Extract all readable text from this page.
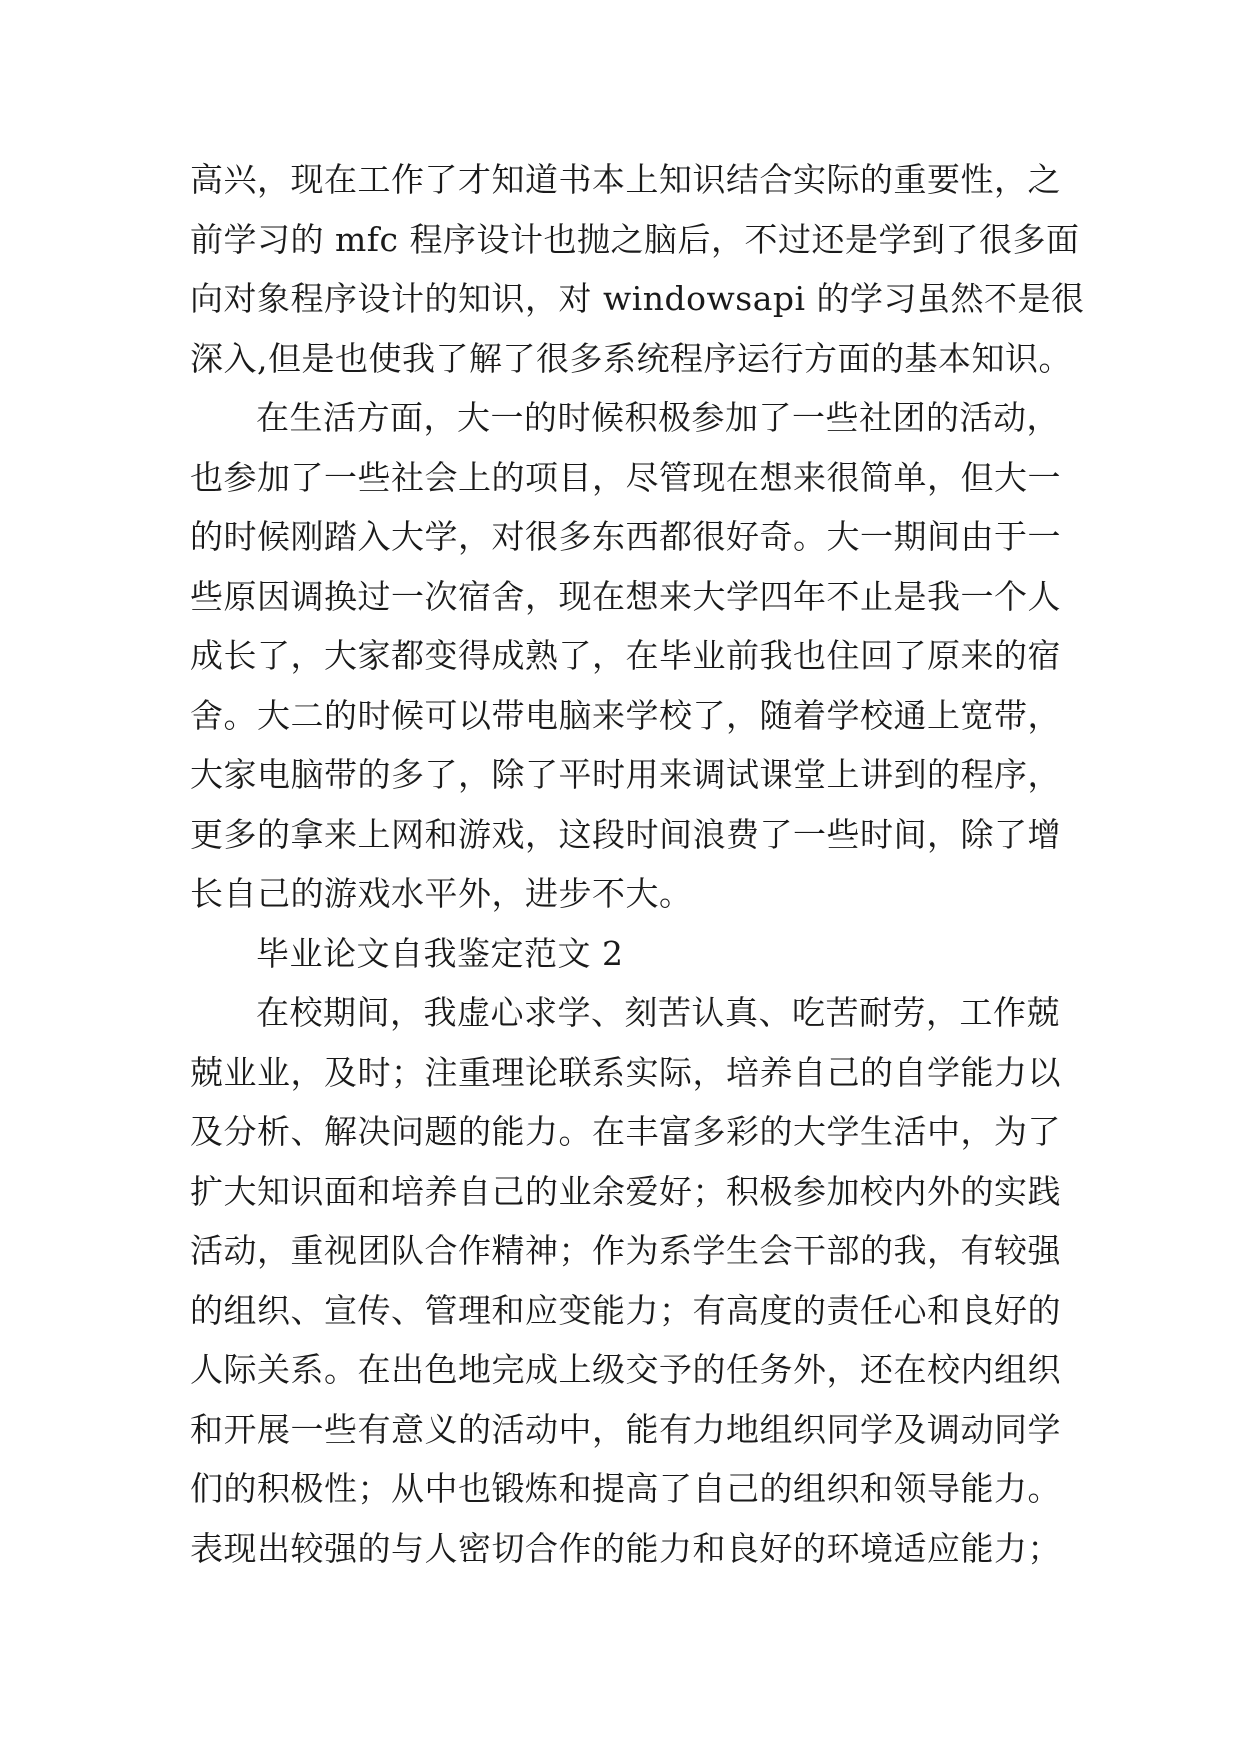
高兴，现在工作了才知道书本上知识结合实际的重要性，之
前学习的 mfc 程序设计也抛之脑后，不过还是学到了很多面
向对象程序设计的知识，对 windowsapi 的学习虽然不是很
深入,但是也使我了解了很多系统程序运行方面的基本知识。
在生活方面，大一的时候积极参加了一些社团的活动，
也参加了一些社会上的项目，尽管现在想来很简单，但大一
的时候刚踏入大学，对很多东西都很好奇。大一期间由于一
些原因调换过一次宿舍，现在想来大学四年不止是我一个人
成长了，大家都变得成熟了，在毕业前我也住回了原来的宿
舍。大二的时候可以带电脑来学校了，随着学校通上宽带，
大家电脑带的多了，除了平时用来调试课堂上讲到的程序，
更多的拿来上网和游戏，这段时间浪费了一些时间，除了增
长自己的游戏水平外，进步不大。
毕业论文自我鉴定范文 2
在校期间，我虚心求学、刻苦认真、吃苦耐劳，工作兢
兢业业，及时；注重理论联系实际，培养自己的自学能力以
及分析、解决问题的能力。在丰富多彩的大学生活中，为了
扩大知识面和培养自己的业余爱好；积极参加校内外的实践
活动，重视团队合作精神；作为系学生会干部的我，有较强
的组织、宣传、管理和应变能力；有高度的责任心和良好的
人际关系。在出色地完成上级交予的任务外，还在校内组织
和开展一些有意义的活动中，能有力地组织同学及调动同学
们的积极性；从中也锻炼和提高了自己的组织和领导能力。
表现出较强的与人密切合作的能力和良好的环境适应能力；
